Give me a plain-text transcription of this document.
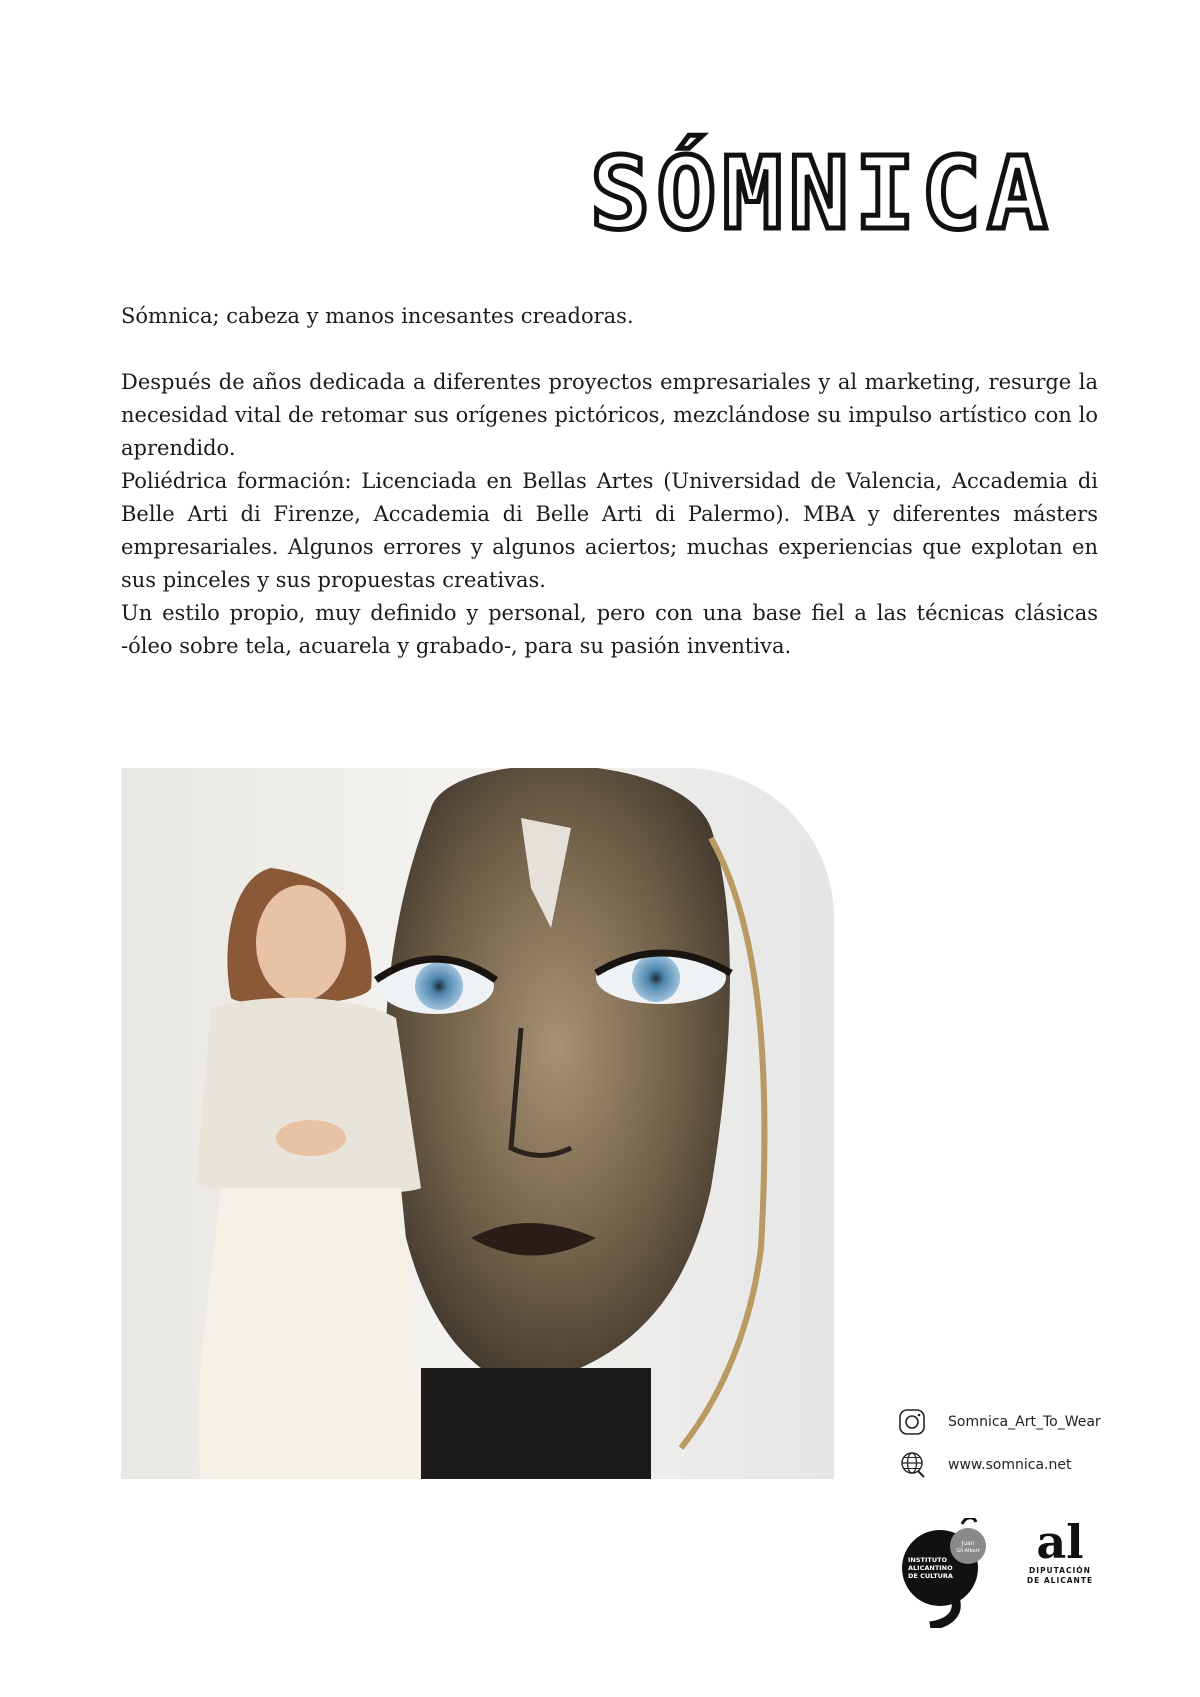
SÓMNICA

Sómnica; cabeza y manos incesantes creadoras.

Después de años dedicada a diferentes proyectos empresariales y al marketing, resurge la necesidad vital de retomar sus orígenes pictóricos, mezclándose su impulso artístico con lo aprendido.

Poliédrica formación: Licenciada en Bellas Artes (Universidad de Valencia, Accademia di Belle Arti di Firenze, Accademia di Belle Arti di Palermo). MBA y diferentes másters empresariales. Algunos errores y algunos aciertos; muchas experiencias que explotan en sus pinceles y sus propuestas creativas.

Un estilo propio, muy definido y personal, pero con una base fiel a las técnicas clásicas -óleo sobre tela, acuarela y grabado-, para su pasión inventiva.

Somnica_Art_To_Wear
www.somnica.net
Juan
Gil-Albert
INSTITUTO
ALICANTINO
DE CULTURA
al
DIPUTACIÓN
DE ALICANTE
